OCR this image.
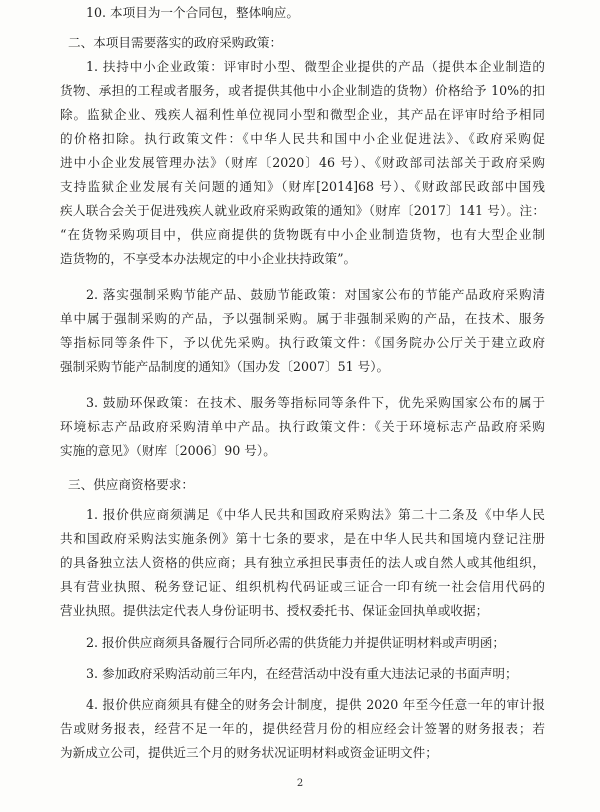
10. 本项目为一个合同包，整体响应。
二、本项目需要落实的政府采购政策：
1. 扶持中小企业政策：评审时小型、微型企业提供的产品（提供本企业制造的
货物、承担的工程或者服务，或者提供其他中小企业制造的货物）价格给予 10%的扣
除。监狱企业、残疾人福利性单位视同小型和微型企业，其产品在评审时给予相同
的价格扣除。执行政策文件：《中华人民共和国中小企业促进法》、《政府采购促
进中小企业发展管理办法》（财库〔2020〕46 号）、《财政部司法部关于政府采购
支持监狱企业发展有关问题的通知》（财库[2014]68 号）、《财政部民政部中国残
疾人联合会关于促进残疾人就业政府采购政策的通知》（财库〔2017〕141 号）。注：
“在货物采购项目中，供应商提供的货物既有中小企业制造货物，也有大型企业制
造货物的，不享受本办法规定的中小企业扶持政策”。
2. 落实强制采购节能产品、鼓励节能政策：对国家公布的节能产品政府采购清
单中属于强制采购的产品，予以强制采购。属于非强制采购的产品，在技术、服务
等指标同等条件下，予以优先采购。执行政策文件：《国务院办公厅关于建立政府
强制采购节能产品制度的通知》（国办发〔2007〕51 号）。
3. 鼓励环保政策：在技术、服务等指标同等条件下，优先采购国家公布的属于
环境标志产品政府采购清单中产品。执行政策文件：《关于环境标志产品政府采购
实施的意见》（财库〔2006〕90 号）。
三、供应商资格要求：
1. 报价供应商须满足《中华人民共和国政府采购法》第二十二条及《中华人民
共和国政府采购法实施条例》第十七条的要求，是在中华人民共和国境内登记注册
的具备独立法人资格的供应商；具有独立承担民事责任的法人或自然人或其他组织，
具有营业执照、税务登记证、组织机构代码证或三证合一印有统一社会信用代码的
营业执照。提供法定代表人身份证明书、授权委托书、保证金回执单或收据；
2. 报价供应商须具备履行合同所必需的供货能力并提供证明材料或声明函；
3. 参加政府采购活动前三年内，在经营活动中没有重大违法记录的书面声明；
4. 报价供应商须具有健全的财务会计制度，提供 2020 年至今任意一年的审计报
告或财务报表，经营不足一年的，提供经营月份的相应经会计签署的财务报表；若
为新成立公司，提供近三个月的财务状况证明材料或资金证明文件；
2
